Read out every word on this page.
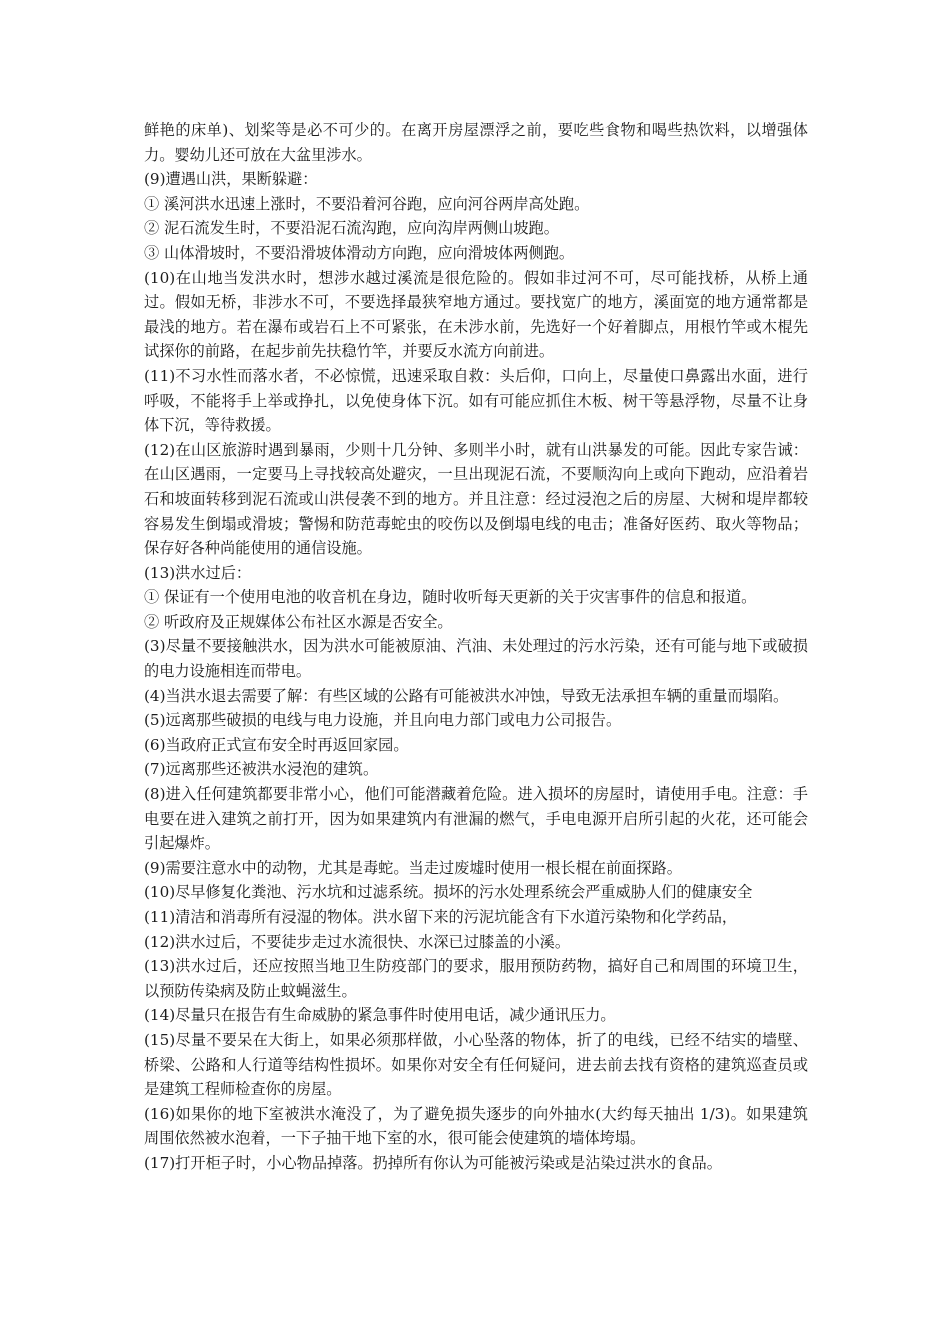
鲜艳的床单)、划桨等是必不可少的。在离开房屋漂浮之前，要吃些食物和喝些热饮料，以增强体力。婴幼儿还可放在大盆里涉水。

(9)遭遇山洪，果断躲避：

① 溪河洪水迅速上涨时，不要沿着河谷跑，应向河谷两岸高处跑。

② 泥石流发生时，不要沿泥石流沟跑，应向沟岸两侧山坡跑。

③ 山体滑坡时，不要沿滑坡体滑动方向跑，应向滑坡体两侧跑。

(10)在山地当发洪水时，想涉水越过溪流是很危险的。假如非过河不可，尽可能找桥，从桥上通过。假如无桥，非涉水不可，不要选择最狭窄地方通过。要找宽广的地方，溪面宽的地方通常都是最浅的地方。若在瀑布或岩石上不可紧张，在未涉水前，先选好一个好着脚点，用根竹竿或木棍先试探你的前路，在起步前先扶稳竹竿，并要反水流方向前进。

(11)不习水性而落水者，不必惊慌，迅速采取自救：头后仰，口向上，尽量使口鼻露出水面，进行呼吸，不能将手上举或挣扎，以免使身体下沉。如有可能应抓住木板、树干等悬浮物，尽量不让身体下沉，等待救援。

(12)在山区旅游时遇到暴雨，少则十几分钟、多则半小时，就有山洪暴发的可能。因此专家告诫：在山区遇雨，一定要马上寻找较高处避灾，一旦出现泥石流，不要顺沟向上或向下跑动，应沿着岩石和坡面转移到泥石流或山洪侵袭不到的地方。并且注意：经过浸泡之后的房屋、大树和堤岸都较容易发生倒塌或滑坡；警惕和防范毒蛇虫的咬伤以及倒塌电线的电击；准备好医药、取火等物品；保存好各种尚能使用的通信设施。

(13)洪水过后：

① 保证有一个使用电池的收音机在身边，随时收听每天更新的关于灾害事件的信息和报道。

② 听政府及正规媒体公布社区水源是否安全。

(3)尽量不要接触洪水，因为洪水可能被原油、汽油、未处理过的污水污染，还有可能与地下或破损的电力设施相连而带电。

(4)当洪水退去需要了解：有些区域的公路有可能被洪水冲蚀，导致无法承担车辆的重量而塌陷。

(5)远离那些破损的电线与电力设施，并且向电力部门或电力公司报告。

(6)当政府正式宣布安全时再返回家园。

(7)远离那些还被洪水浸泡的建筑。

(8)进入任何建筑都要非常小心，他们可能潜藏着危险。进入损坏的房屋时，请使用手电。注意：手电要在进入建筑之前打开，因为如果建筑内有泄漏的燃气，手电电源开启所引起的火花，还可能会引起爆炸。

(9)需要注意水中的动物，尤其是毒蛇。当走过废墟时使用一根长棍在前面探路。

(10)尽早修复化粪池、污水坑和过滤系统。损坏的污水处理系统会严重威胁人们的健康安全

(11)清洁和消毒所有浸湿的物体。洪水留下来的污泥坑能含有下水道污染物和化学药品，

(12)洪水过后，不要徒步走过水流很快、水深已过膝盖的小溪。

(13)洪水过后，还应按照当地卫生防疫部门的要求，服用预防药物，搞好自己和周围的环境卫生，以预防传染病及防止蚊蝇滋生。

(14)尽量只在报告有生命威胁的紧急事件时使用电话，减少通讯压力。

(15)尽量不要呆在大街上，如果必须那样做，小心坠落的物体，折了的电线，已经不结实的墙壁、桥梁、公路和人行道等结构性损坏。如果你对安全有任何疑问，进去前去找有资格的建筑巡查员或是建筑工程师检查你的房屋。

(16)如果你的地下室被洪水淹没了，为了避免损失逐步的向外抽水(大约每天抽出 1/3)。如果建筑周围依然被水泡着，一下子抽干地下室的水，很可能会使建筑的墙体垮塌。

(17)打开柜子时，小心物品掉落。扔掉所有你认为可能被污染或是沾染过洪水的食品。
